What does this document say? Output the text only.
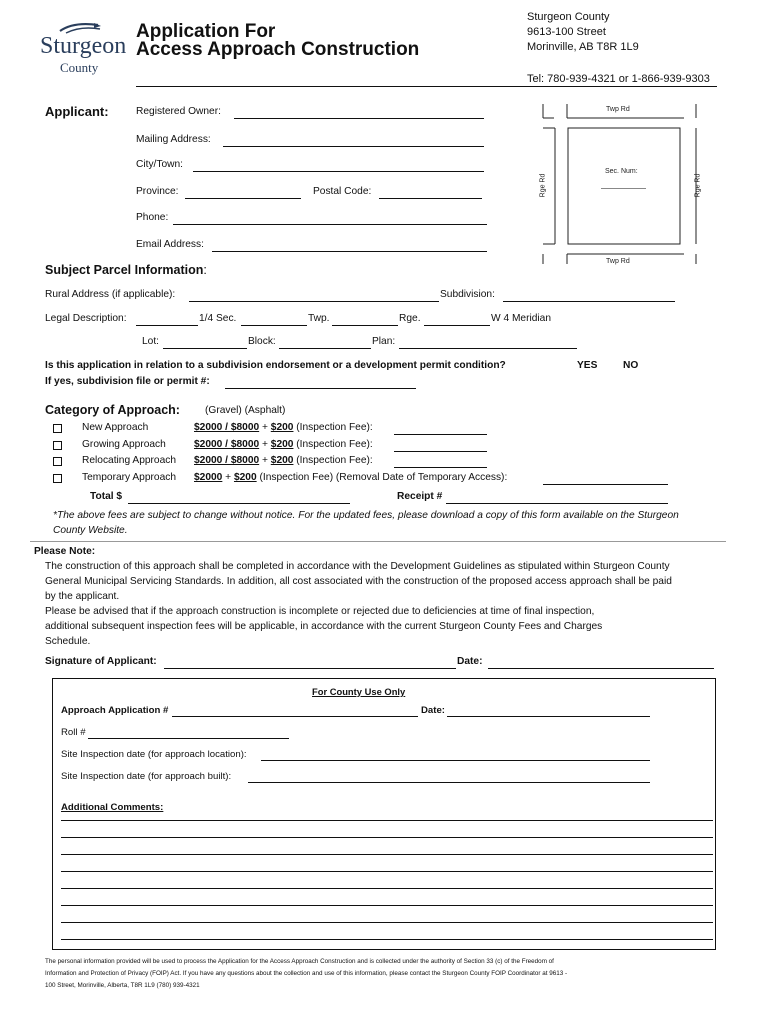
Sturgeon
County
Application For
Access Approach Construction
Sturgeon County
9613-100 Street
Morinville, AB T8R 1L9
Tel: 780-939-4321 or 1-866-939-9303
Applicant:	Registered Owner:
Mailing Address:
City/Town:
Province:	Postal Code:
Phone:
Email Address:
Twp Rd
Twp Rd
Rge Rd	Rge Rd
Sec. Num:
Subject Parcel Information:
Rural Address (if applicable):	Subdivision:
Legal Description:	1/4 Sec.	Twp.	Rge.	W 4 Meridian
Lot:	Block:	Plan:
Is this application in relation to a subdivision endorsement or a development permit condition?	YES	NO
If yes, subdivision file or permit #:
Category of Approach: (Gravel) (Asphalt)
New Approach	$2000 / $8000 + $200 (Inspection Fee):
Growing Approach	$2000 / $8000 + $200 (Inspection Fee):
Relocating Approach $2000 / $8000 + $200 (Inspection Fee):
Temporary Approach $2000 + $200 (Inspection Fee) (Removal Date of Temporary Access):
Total $	Receipt #
*The above fees are subject to change without notice. For the updated fees, please download a copy of this form available on the Sturgeon
County Website.
Please Note:
The construction of this approach shall be completed in accordance with the Development Guidelines as stipulated within Sturgeon County
General Municipal Servicing Standards. In addition, all cost associated with the construction of the proposed access approach shall be paid
by the applicant.
Please be advised that if the approach construction is incomplete or rejected due to deficiencies at time of final inspection,
additional subsequent inspection fees will be applicable, in accordance with the current Sturgeon County Fees and Charges
Schedule.
Signature of Applicant:	Date:
For County Use Only
Approach Application #	Date:
Roll #
Site Inspection date (for approach location):
Site Inspection date (for approach built):
Additional Comments:
The personal information provided will be used to process the Application for the Access Approach Construction and is collected under the authority of Section 33 (c) of the Freedom of
Information and Protection of Privacy (FOIP) Act. If you have any questions about the collection and use of this information, please contact the Sturgeon County FOIP Coordinator at 9613 -
100 Street, Morinville, Alberta, T8R 1L9 (780) 939-4321
